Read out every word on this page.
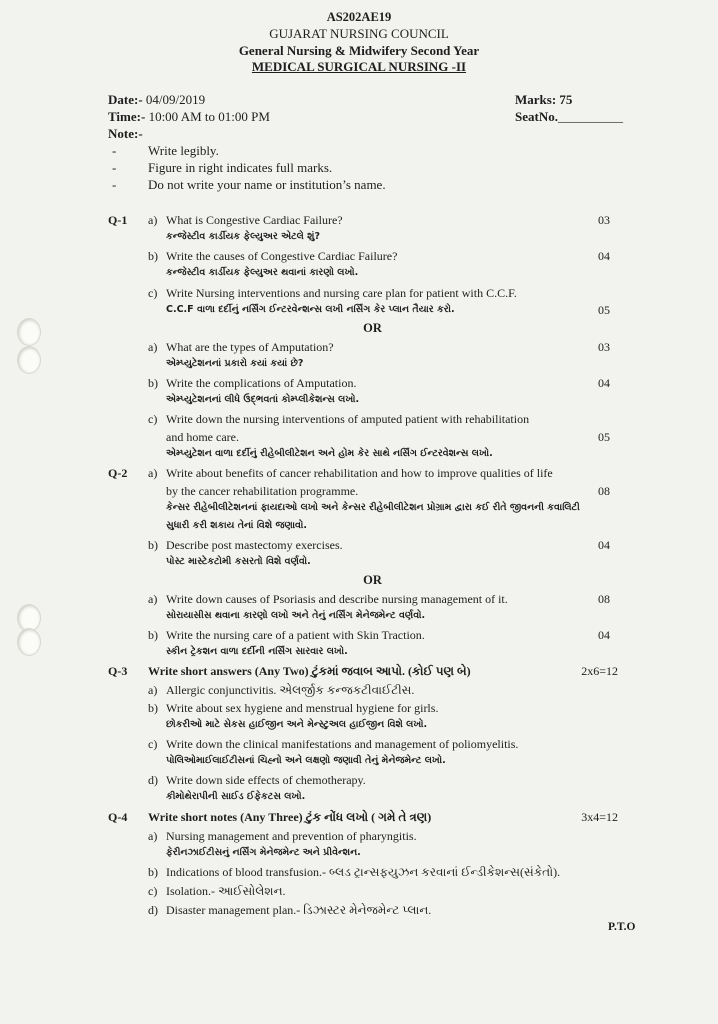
AS202AE19
GUJARAT NURSING COUNCIL
General Nursing & Midwifery Second Year
MEDICAL SURGICAL NURSING -II
Date:- 04/09/2019
Time:- 10:00 AM to 01:00 PM
Note:-
Marks: 75
SeatNo.__________
-	Write legibly.
-	Figure in right indicates full marks.
-	Do not write your name or institution’s name.
Q-1 a) What is Congestive Cardiac Failure?
કન્જેસ્ટીવ કાર્ડીયક ફેલ્યુઅર એટલે શું?
03
b) Write the causes of Congestive Cardiac Failure?
કન્જેસ્ટીવ કાર્ડીયક ફેલ્યુઅર થવાનાં કારણો લખો.
04
c) Write Nursing interventions and nursing care plan for patient with C.C.F.
C.C.F વાળા દર્દીનું નર્સિંગ ઈન્ટરવેન્શન્સ લખી નર્સિંગ કેર પ્લાન તૈયાર કરો.	05
OR
a) What are the types of Amputation?
એમ્પ્યુટેશનનાં પ્રકારો કયાં કયાં છે?
03
b) Write the complications of Amputation.
એમ્પ્યુટેશનનાં લીધે ઉદ્‌ભવતાં કોમ્પ્લીકેશન્સ લખો.
04
c) Write down the nursing interventions of amputed patient with rehabilitation
and home care.
એમ્પ્યુટેશન વાળા દર્દીનું રીહેબીલીટેશન અને હોમ કેર સાથે નર્સિંગ ઈન્ટરવેશન્સ લખો.
05
Q-2 a) Write about benefits of cancer rehabilitation and how to improve qualities of life
by the cancer rehabilitation programme.
કેન્સર રીહેબીલીટેશનનાં ફાયદાઓ લખો અને કેન્સર રીહેબીલીટેશન પ્રોગ્રામ દ્વારા કઈ રીતે જીવનની કવાલિટી
સુધારી કરી શકાય તેનાં વિશે જણાવો.
08
b) Describe post mastectomy exercises.
પોસ્ટ માસ્ટેકટોમી કસરતો વિશે વર્ણવો.
04
OR
a) Write down causes of Psoriasis and describe nursing management of it.
સોરાયાસીસ થવાના કારણો લખો અને તેનું નર્સિંગ મેનેજમેન્ટ વર્ણવો.
08
b) Write the nursing care of a patient with Skin Traction.
સ્કીન ટ્રેકશન વાળા દર્દીની નર્સિંગ સારવાર લખો.
04
Q-3 Write short answers (Any Two) ટુંકમાં જવાબ આપો. (કોઈ પણ બે)	2x6=12
a) Allergic conjunctivitis. એલર્જીક કન્જકટીવાઈટીસ.
b) Write about sex hygiene and menstrual hygiene for girls.
છોકરીઓ માટે સેકસ હાઈજીન અને મેન્સ્ટુઅલ હાઈજીન વિશે લખો.
c) Write down the clinical manifestations and management of poliomyelitis.
પોલિઓમાઈલાઈટીસનાં ચિહ્નો અને લક્ષણો જણાવી તેનું મેનેજમેન્ટ લખો.
d) Write down side effects of chemotherapy.
કીમોથેરાપીની સાઈડ ઈફેકટસ લખો.
Q-4 Write short notes (Any Three) ટુંક નોંધ લખો ( ગમે તે ત્રણ)	3x4=12
a) Nursing management and prevention of pharyngitis.
ફેરીનઝાઈટીસનું નર્સિંગ મેનેજમેન્ટ અને પ્રીવેન્શન.
b) Indications of blood transfusion.- બ્લડ ટ્રાન્સફયુઝન કરવાનાં ઈન્ડીકેશન્સ(સંકેતો).
c) Isolation.- આઈસોલેશન.
d) Disaster management plan.- ડિઝાસ્ટર મેનેજમેન્ટ પ્લાન.
P.T.O
